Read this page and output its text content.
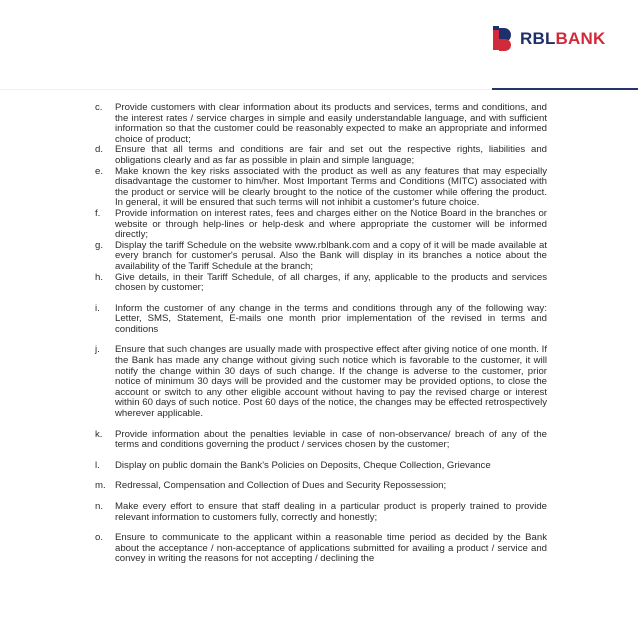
RBLBANK
c.	Provide customers with clear information about its products and services, terms and conditions, and the interest rates / service charges in simple and easily understandable language, and with sufficient information so that the customer could be reasonably expected to make an appropriate and informed choice of product;
d.	Ensure that all terms and conditions are fair and set out the respective rights, liabilities and obligations clearly and as far as possible in plain and simple language;
e.	Make known the key risks associated with the product as well as any features that may especially disadvantage the customer to him/her. Most Important Terms and Conditions (MITC) associated with the product or service will be clearly brought to the notice of the customer while offering the product. In general, it will be ensured that such terms will not inhibit a customer's future choice.
f.	Provide information on interest rates, fees and charges either on the Notice Board in the branches or website or through help-lines or help-desk and where appropriate the customer will be informed directly;
g.	Display the tariff Schedule on the website www.rblbank.com and a copy of it will be made available at every branch for customer's perusal. Also the Bank will display in its branches a notice about the availability of the Tariff Schedule at the branch;
h.	Give details, in their Tariff Schedule, of all charges, if any, applicable to the products and services chosen by customer;
i.	Inform the customer of any change in the terms and conditions through any of the following way: Letter, SMS, Statement, E-mails one month prior implementation of the revised in terms and conditions
j.	Ensure that such changes are usually made with prospective effect after giving notice of one month. If the Bank has made any change without giving such notice which is favorable to the customer, it will notify the change within 30 days of such change. If the change is adverse to the customer, prior notice of minimum 30 days will be provided and the customer may be provided options, to close the account or switch to any other eligible account without having to pay the revised charge or interest within 60 days of such notice. Post 60 days of the notice, the changes may be effected retrospectively wherever applicable.
k.	Provide information about the penalties leviable in case of non-observance/ breach of any of the terms and conditions governing the product / services chosen by the customer;
l.	Display on public domain the Bank's Policies on Deposits, Cheque Collection, Grievance
m. Redressal, Compensation and Collection of Dues and Security Repossession;
n.	Make every effort to ensure that staff dealing in a particular product is properly trained to provide relevant information to customers fully, correctly and honestly;
o.	Ensure to communicate to the applicant within a reasonable time period as decided by the Bank about the acceptance / non-acceptance of applications submitted for availing a product / service and convey in writing the reasons for not accepting / declining the
